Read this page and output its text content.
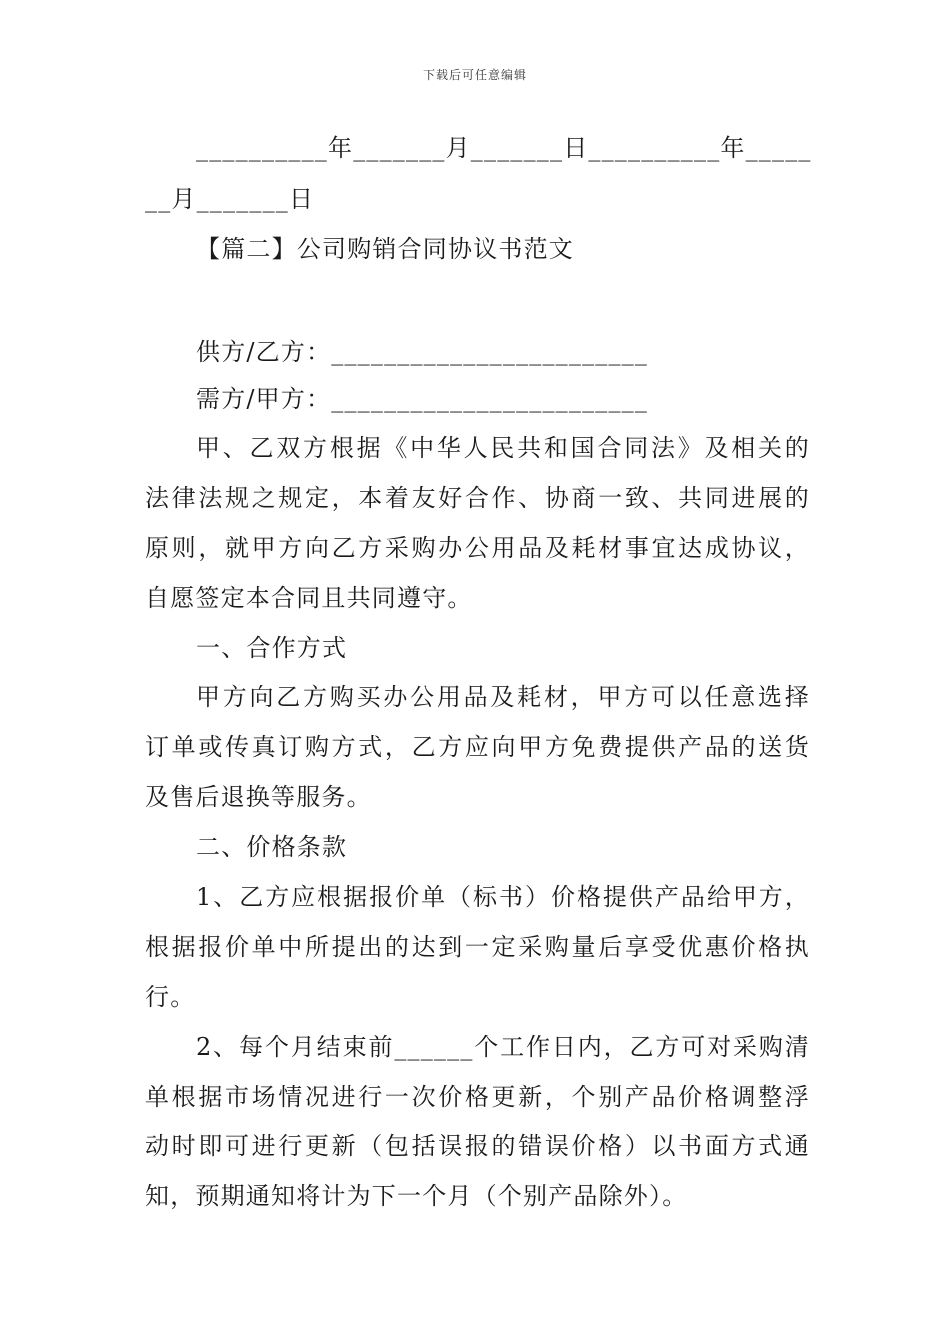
下载后可任意编辑
__________年_______月_______日__________年_____
__月_______日
【篇二】公司购销合同协议书范文
供方/乙方：________________________
需方/甲方：________________________
甲、乙双方根据《中华人民共和国合同法》及相关的
法律法规之规定，本着友好合作、协商一致、共同进展的
原则，就甲方向乙方采购办公用品及耗材事宜达成协议，
自愿签定本合同且共同遵守。
一、合作方式
甲方向乙方购买办公用品及耗材，甲方可以任意选择
订单或传真订购方式，乙方应向甲方免费提供产品的送货
及售后退换等服务。
二、价格条款
1、乙方应根据报价单（标书）价格提供产品给甲方，
根据报价单中所提出的达到一定采购量后享受优惠价格执
行。
2、每个月结束前______个工作日内，乙方可对采购清
单根据市场情况进行一次价格更新，个别产品价格调整浮
动时即可进行更新（包括误报的错误价格）以书面方式通
知，预期通知将计为下一个月（个别产品除外）。
